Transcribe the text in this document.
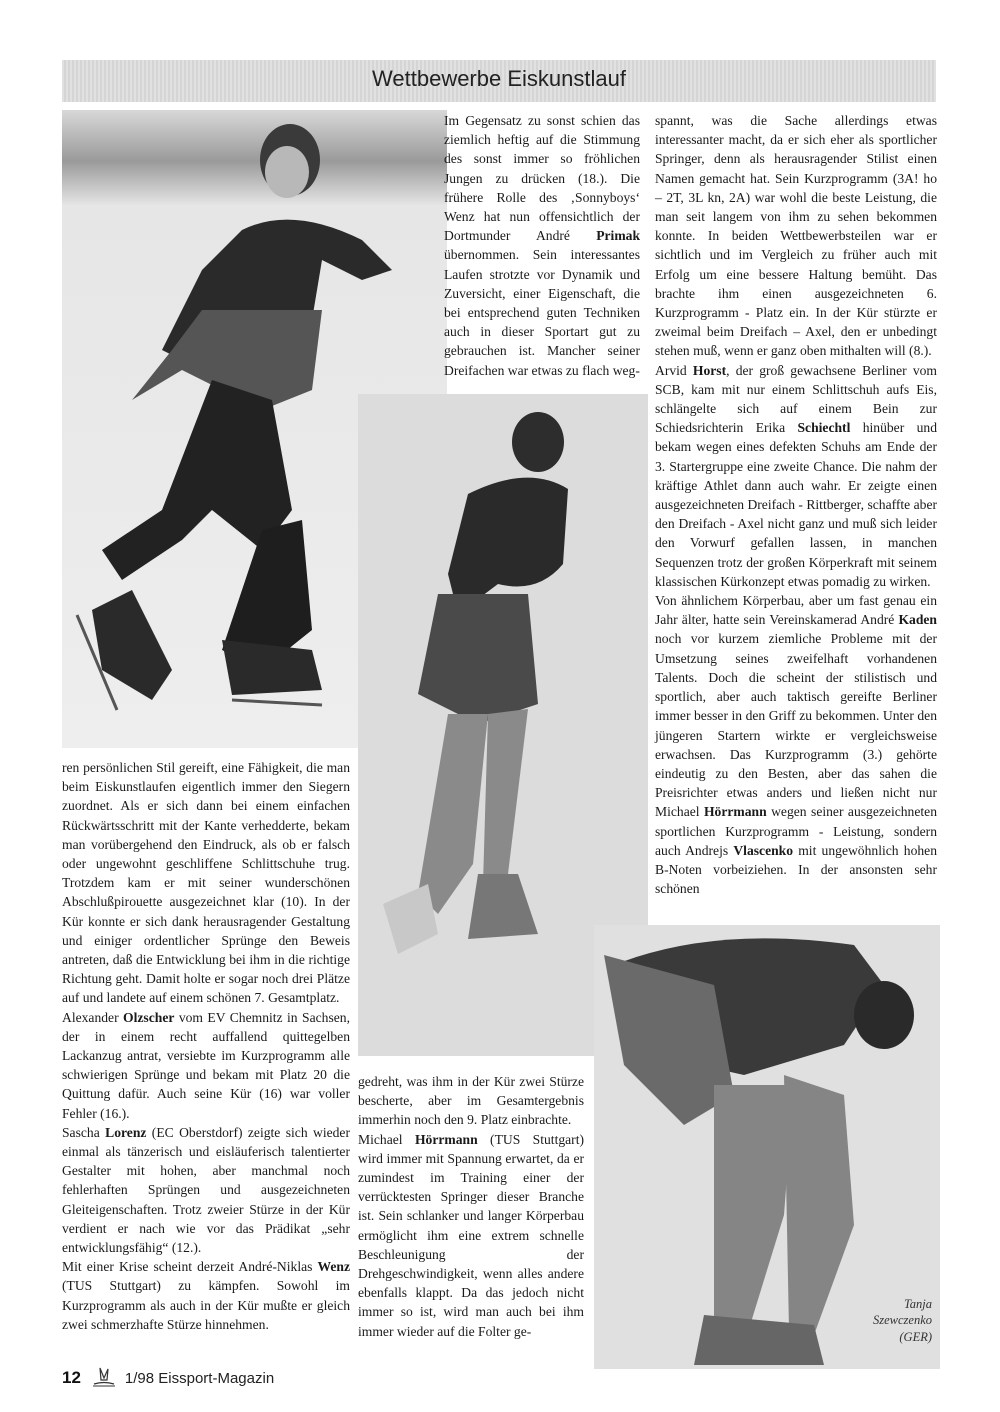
Wettbewerbe Eiskunstlauf

Im Gegensatz zu sonst schien das ziemlich heftig auf die Stimmung des sonst immer so fröhlichen Jungen zu drücken (18.). Die frühere Rolle des ‚Sonnyboys‘ Wenz hat nun offensichtlich der Dortmunder André Primak übernommen. Sein interessantes Laufen strotzte vor Dynamik und Zuversicht, einer Eigenschaft, die bei entsprechend guten Techniken auch in dieser Sportart gut zu gebrauchen ist. Mancher seiner Dreifachen war etwas zu flach weg-

spannt, was die Sache allerdings etwas interessanter macht, da er sich eher als sportlicher Springer, denn als herausragender Stilist einen Namen gemacht hat. Sein Kurzprogramm (3A! ho – 2T, 3L kn, 2A) war wohl die beste Leistung, die man seit langem von ihm zu sehen bekommen konnte. In beiden Wettbewerbsteilen war er sichtlich und im Vergleich zu früher auch mit Erfolg um eine bessere Haltung bemüht. Das brachte ihm einen ausgezeichneten 6. Kurzprogramm - Platz ein. In der Kür stürzte er zweimal beim Dreifach – Axel, den er unbedingt stehen muß, wenn er ganz oben mithalten will (8.).

Arvid Horst, der groß gewachsene Berliner vom SCB, kam mit nur einem Schlittschuh aufs Eis, schlängelte sich auf einem Bein zur Schiedsrichterin Erika Schiechtl hinüber und bekam wegen eines defekten Schuhs am Ende der 3. Startergruppe eine zweite Chance. Die nahm der kräftige Athlet dann auch wahr. Er zeigte einen ausgezeichneten Dreifach - Rittberger, schaffte aber den Dreifach - Axel nicht ganz und muß sich leider den Vorwurf gefallen lassen, in manchen Sequenzen trotz der großen Körperkraft mit seinem klassischen Kürkonzept etwas pomadig zu wirken.

Von ähnlichem Körperbau, aber um fast genau ein Jahr älter, hatte sein Vereinskamerad André Kaden noch vor kurzem ziemliche Probleme mit der Umsetzung seines zweifelhaft vorhandenen Talents. Doch die scheint der stilistisch und sportlich, aber auch taktisch gereifte Berliner immer besser in den Griff zu bekommen. Unter den jüngeren Startern wirkte er vergleichsweise erwachsen. Das Kurzprogramm (3.) gehörte eindeutig zu den Besten, aber das sahen die Preisrichter etwas anders und ließen nicht nur Michael Hörrmann wegen seiner ausgezeichneten sportlichen Kurzprogramm - Leistung, sondern auch Andrejs Vlascenko mit ungewöhnlich hohen B-Noten vorbeiziehen. In der ansonsten sehr schönen

ren persönlichen Stil gereift, eine Fähigkeit, die man beim Eiskunstlaufen eigentlich immer den Siegern zuordnet. Als er sich dann bei einem einfachen Rückwärtsschritt mit der Kante verhedderte, bekam man vorübergehend den Eindruck, als ob er falsch oder ungewohnt geschliffene Schlittschuhe trug. Trotzdem kam er mit seiner wunderschönen Abschlußpirouette ausgezeichnet klar (10). In der Kür konnte er sich dank herausragender Gestaltung und einiger ordentlicher Sprünge den Beweis antreten, daß die Entwicklung bei ihm in die richtige Richtung geht. Damit holte er sogar noch drei Plätze auf und landete auf einem schönen 7. Gesamtplatz.

Alexander Olzscher vom EV Chemnitz in Sachsen, der in einem recht auffallend quittegelben Lackanzug antrat, versiebte im Kurzprogramm alle schwierigen Sprünge und bekam mit Platz 20 die Quittung dafür. Auch seine Kür (16) war voller Fehler (16.).

Sascha Lorenz (EC Oberstdorf) zeigte sich wieder einmal als tänzerisch und eisläuferisch talentierter Gestalter mit hohen, aber manchmal noch fehlerhaften Sprüngen und ausgezeichneten Gleiteigenschaften. Trotz zweier Stürze in der Kür verdient er nach wie vor das Prädikat „sehr entwicklungsfähig“ (12.).

Mit einer Krise scheint derzeit André-Niklas Wenz (TUS Stuttgart) zu kämpfen. Sowohl im Kurzprogramm als auch in der Kür mußte er gleich zwei schmerzhafte Stürze hinnehmen.

gedreht, was ihm in der Kür zwei Stürze bescherte, aber im Gesamtergebnis immerhin noch den 9. Platz einbrachte.

Michael Hörrmann (TUS Stuttgart) wird immer mit Spannung erwartet, da er zumindest im Training einer der verrücktesten Springer dieser Branche ist. Sein schlanker und langer Körperbau ermöglicht ihm eine extrem schnelle Beschleunigung der Drehgeschwindigkeit, wenn alles andere ebenfalls klappt. Da das jedoch nicht immer so ist, wird man auch bei ihm immer wieder auf die Folter ge-

Tanja
Szewczenko
(GER)
12	1/98 Eissport-Magazin
